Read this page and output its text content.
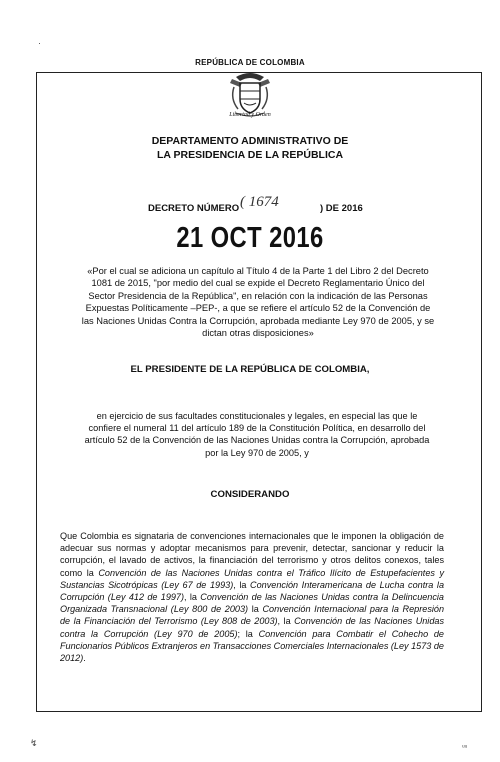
·
REPÚBLICA DE COLOMBIA
Libertad y Orden
DEPARTAMENTO ADMINISTRATIVO DE
LA PRESIDENCIA DE LA REPÚBLICA
DECRETO NÚMERO ( 1674	) DE 2016
21 OCT 2016
«Por el cual se adiciona un capítulo al Título 4 de la Parte 1 del Libro 2 del Decreto 1081 de 2015, "por medio del cual se expide el Decreto Reglamentario Único del Sector Presidencia de la República", en relación con la indicación de las Personas Expuestas Políticamente –PEP-, a que se refiere el artículo 52 de la Convención de las Naciones Unidas Contra la Corrupción, aprobada mediante Ley 970 de 2005, y se dictan otras disposiciones»
EL PRESIDENTE DE LA REPÚBLICA DE COLOMBIA,
en ejercicio de sus facultades constitucionales y legales, en especial las que le confiere el numeral 11 del artículo 189 de la Constitución Política, en desarrollo del artículo 52 de la Convención de las Naciones Unidas contra la Corrupción, aprobada por la Ley 970 de 2005, y
CONSIDERANDO
Que Colombia es signataria de convenciones internacionales que le imponen la obligación de adecuar sus normas y adoptar mecanismos para prevenir, detectar, sancionar y reducir la corrupción, el lavado de activos, la financiación del terrorismo y otros delitos conexos, tales como la Convención de las Naciones Unidas contra el Tráfico Ilícito de Estupefacientes y Sustancias Sicotrópicas (Ley 67 de 1993), la Convención Interamericana de Lucha contra la Corrupción (Ley 412 de 1997), la Convención de las Naciones Unidas contra la Delincuencia Organizada Transnacional (Ley 800 de 2003) la Convención Internacional para la Represión de la Financiación del Terrorismo (Ley 808 de 2003), la Convención de las Naciones Unidas contra la Corrupción (Ley 970 de 2005); la Convención para Combatir el Cohecho de Funcionarios Públicos Extranjeros en Transacciones Comerciales Internacionales (Ley 1573 de 2012).
↯	ᵤᵤ
